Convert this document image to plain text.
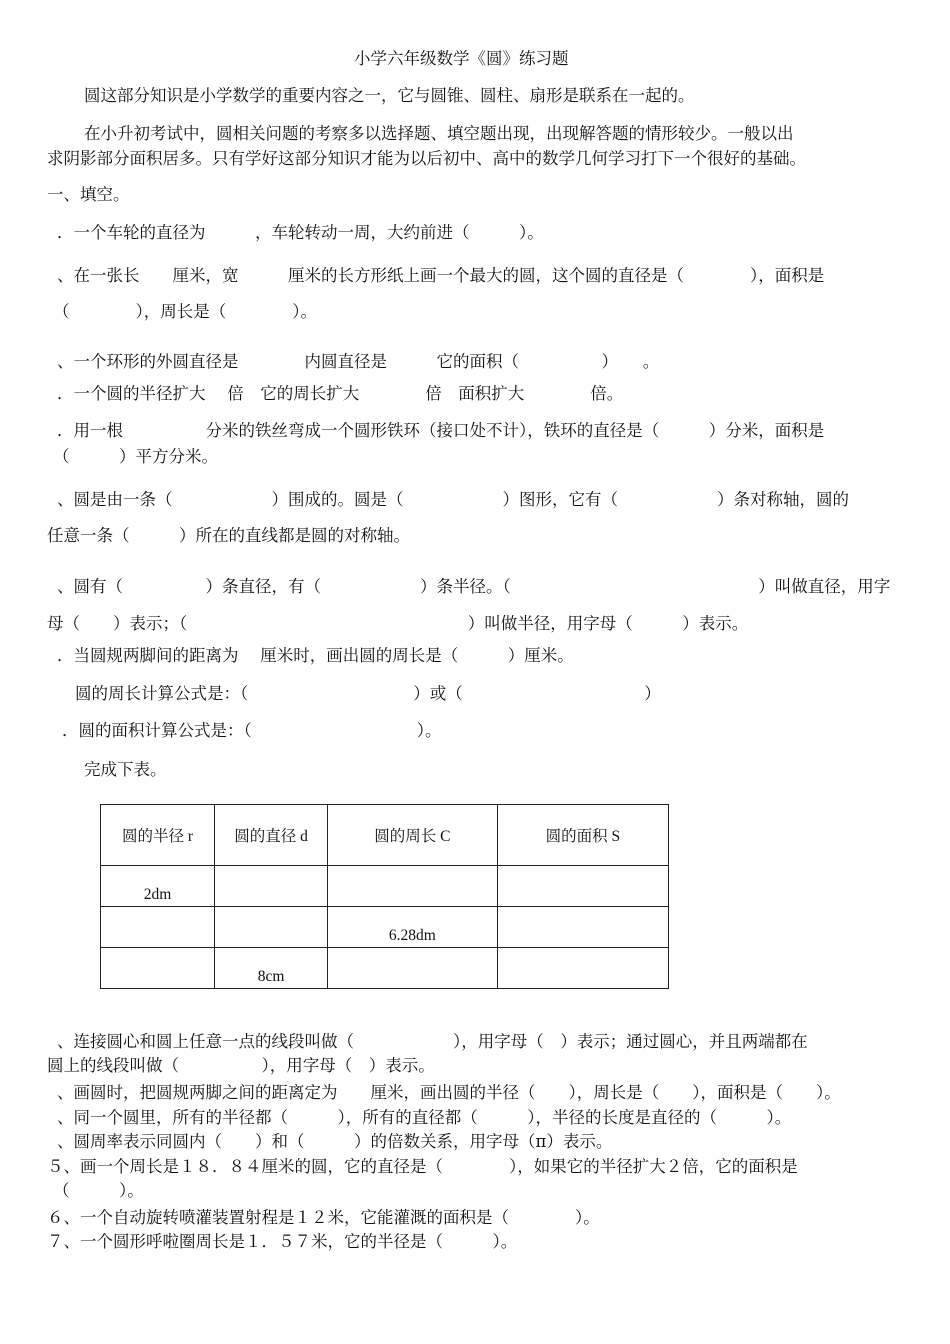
小学六年级数学《圆》练习题
圆这部分知识是小学数学的重要内容之一，它与圆锥、圆柱、扇形是联系在一起的。
在小升初考试中，圆相关问题的考察多以选择题、填空题出现，出现解答题的情形较少。一般以出
求阴影部分面积居多。只有学好这部分知识才能为以后初中、高中的数学几何学习打下一个很好的基础。
一、填空。
．一个车轮的直径为　　　，车轮转动一周，大约前进（　　　）。
、在一张长　　厘米，宽　　　厘米的长方形纸上画一个最大的圆，这个圆的直径是（　　　　），面积是
（　　　　），周长是（　　　　）。
、一个环形的外圆直径是　　　　内圆直径是　　　它的面积（　　　　　）　　。
．一个圆的半径扩大　 倍　它的周长扩大　　　　倍　面积扩大　　　　倍。
．用一根　　　　　分米的铁丝弯成一个圆形铁环（接口处不计），铁环的直径是（　　　）分米，面积是
（　　　）平方分米。
、圆是由一条（　　　　　　）围成的。圆是（　　　　　　）图形，它有（　　　　　　）条对称轴，圆的
任意一条（　　　）所在的直线都是圆的对称轴。
、圆有（　　　　　）条直径，有（　　　　　　）条半径。（　　　　　　　　　　　　　　　）叫做直径，用字
母（　　）表示；（　　　　　　　　　　　　　　　　　）叫做半径，用字母（　　　）表示。
．当圆规两脚间的距离为　 厘米时，画出圆的周长是（　　　）厘米。
圆的周长计算公式是：（　　　　　　　　　　）或（　　　　　　　　　　　）
．圆的面积计算公式是：（　　　　　　　　　　）。
完成下表。
圆的半径 r	圆的直径 d	圆的周长 C	圆的面积 S
2dm			
		6.28dm	
	8cm		
、连接圆心和圆上任意一点的线段叫做（　　　　　　），用字母（　）表示；通过圆心，并且两端都在
圆上的线段叫做（　　　　　），用字母（　）表示。
、画圆时，把圆规两脚之间的距离定为　　厘米，画出圆的半径（　　），周长是（　　），面积是（　　）。
、同一个圆里，所有的半径都（　　　），所有的直径都（　　　），半径的长度是直径的（　　　）。
、圆周率表示同圆内（　　）和（　　　）的倍数关系，用字母（π）表示。
５、画一个周长是１８．８４厘米的圆，它的直径是（　　　　），如果它的半径扩大２倍，它的面积是
（　　　）。
６、一个自动旋转喷灌装置射程是１２米，它能灌溉的面积是（　　　　）。
７、一个圆形呼啦圈周长是１．５７米，它的半径是（　　　）。
